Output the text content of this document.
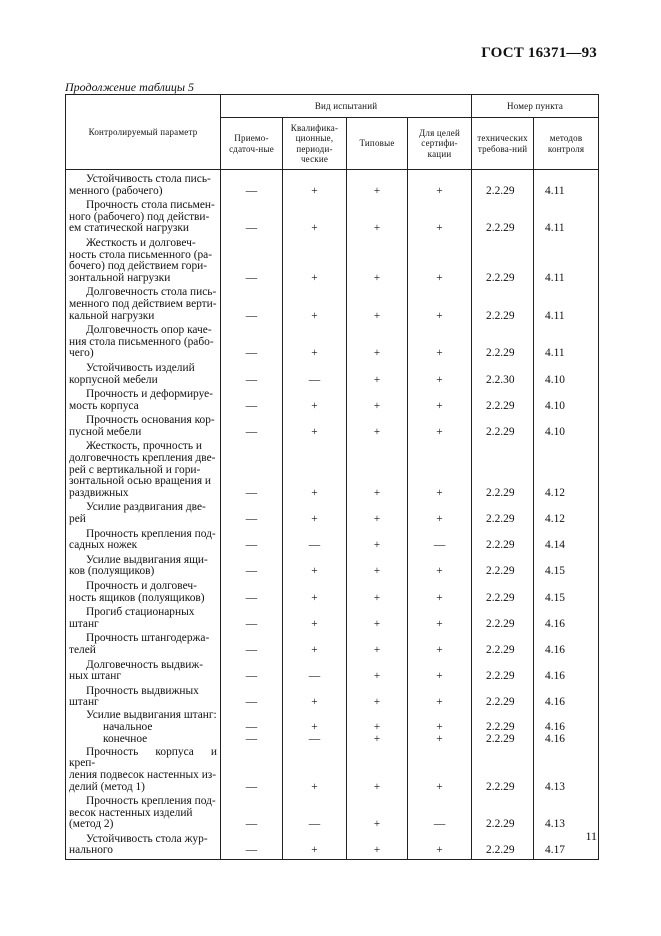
ГОСТ 16371—93
Продолжение таблицы 5
Контролируемый параметр	Вид испытаний				Номер пункта	
	Приемо-сдаточ-ные	Квалифика-ционные, периоди-ческие	Типовые	Для целей сертифи-кации	технических требова-ний	методов контроля

Устойчивость стола пись-
менного (рабочего)	—	+	+	+	2.2.29	4.11

Прочность стола письмен-
ного (рабочего) под действи-
ем статической нагрузки	—	+	+	+	2.2.29	4.11

Жесткость и долговеч-
ность стола письменного (ра-
бочего) под действием гори-
зонтальной нагрузки	—	+	+	+	2.2.29	4.11

Долговечность стола пись-
менного под действием верти-
кальной нагрузки	—	+	+	+	2.2.29	4.11

Долговечность опор каче-
ния стола письменного (рабо-
чего)	—	+	+	+	2.2.29	4.11

Устойчивость изделий
корпусной мебели	—	—	+	+	2.2.30	4.10

Прочность и деформируе-
мость корпуса	—	+	+	+	2.2.29	4.10

Прочность основания кор-
пусной мебели	—	+	+	+	2.2.29	4.10

Жесткость, прочность и
долговечность крепления две-
рей с вертикальной и гори-
зонтальной осью вращения и
раздвижных	—	+	+	+	2.2.29	4.12

Усилие раздвигания две-
рей	—	+	+	+	2.2.29	4.12

Прочность крепления под-
садных ножек	—	—	+	—	2.2.29	4.14

Усилие выдвигания ящи-
ков (полуящиков)	—	+	+	+	2.2.29	4.15

Прочность и долговеч-
ность ящиков (полуящиков)	—	+	+	+	2.2.29	4.15

Прогиб стационарных
штанг	—	+	+	+	2.2.29	4.16

Прочность штангодержа-
телей	—	+	+	+	2.2.29	4.16

Долговечность выдвиж-
ных штанг	—	—	+	+	2.2.29	4.16

Прочность выдвижных
штанг	—	+	+	+	2.2.29	4.16

Усилие выдвигания штанг:						

начальное	—	+	+	+	2.2.29	4.16

конечное	—	—	+	+	2.2.29	4.16

Прочность корпуса и креп-
ления подвесок настенных из-
делий (метод 1)	—	+	+	+	2.2.29	4.13

Прочность крепления под-
весок настенных изделий
(метод 2)	—	—	+	—	2.2.29	4.13

Устойчивость стола жур-
нального	—	+	+	+	2.2.29	4.17
11
